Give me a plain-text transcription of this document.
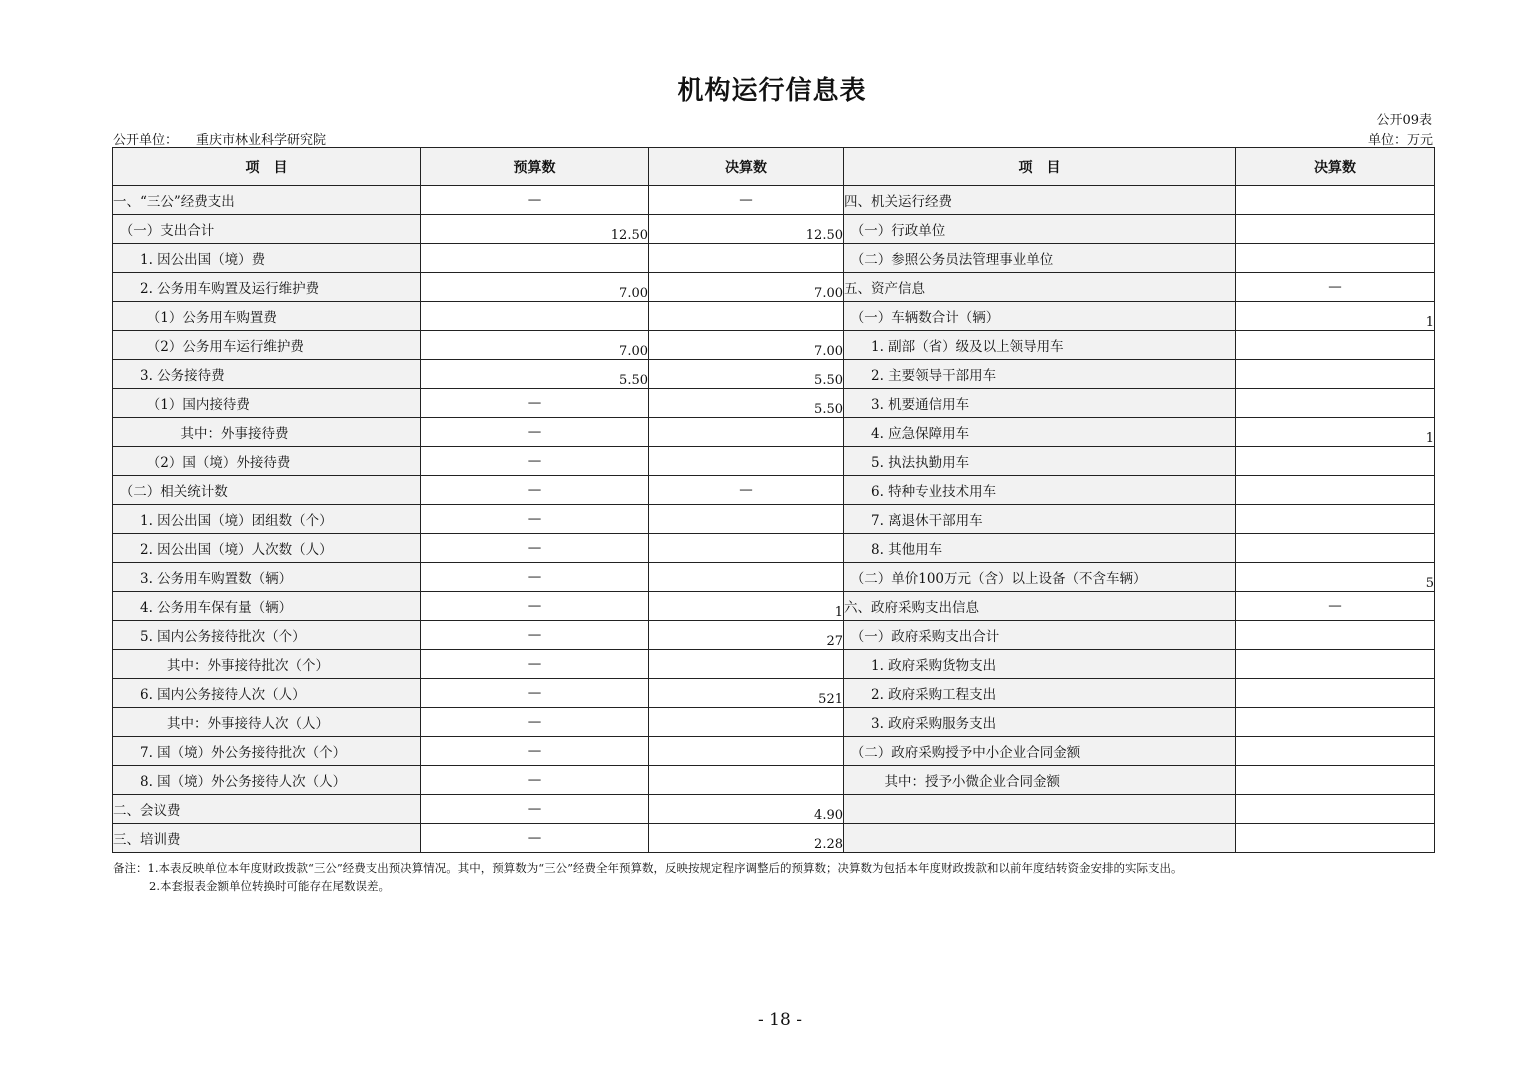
机构运行信息表
公开09表
公开单位： 重庆市林业科学研究院	单位：万元
项　目	预算数	决算数	项　目	决算数
一、“三公”经费支出	—	—	四、机关运行经费	
　（一）支出合计	12.50	12.50	　（一）行政单位	
　　1. 因公出国（境）费			　（二）参照公务员法管理事业单位	
　　2. 公务用车购置及运行维护费	7.00	7.00	五、资产信息	—
　　　（1）公务用车购置费			　（一）车辆数合计（辆）	1
　　　（2）公务用车运行维护费	7.00	7.00	　　1. 副部（省）级及以上领导用车	
　　3. 公务接待费	5.50	5.50	　　2. 主要领导干部用车	
　　　（1）国内接待费	—	5.50	　　3. 机要通信用车	
　　　　　其中：外事接待费	—		　　4. 应急保障用车	1
　　　（2）国（境）外接待费	—		　　5. 执法执勤用车	
　（二）相关统计数	—	—	　　6. 特种专业技术用车	
　　1. 因公出国（境）团组数（个）	—		　　7. 离退休干部用车	
　　2. 因公出国（境）人次数（人）	—		　　8. 其他用车	
　　3. 公务用车购置数（辆）	—		　（二）单价100万元（含）以上设备（不含车辆）	5
　　4. 公务用车保有量（辆）	—	1	六、政府采购支出信息	—
　　5. 国内公务接待批次（个）	—	27	　（一）政府采购支出合计	
　　　　其中：外事接待批次（个）	—		　　1. 政府采购货物支出	
　　6. 国内公务接待人次（人）	—	521	　　2. 政府采购工程支出	
　　　　其中：外事接待人次（人）	—		　　3. 政府采购服务支出	
　　7. 国（境）外公务接待批次（个）	—		　（二）政府采购授予中小企业合同金额	
　　8. 国（境）外公务接待人次（人）	—		　　　其中：授予小微企业合同金额	
二、会议费	—	4.90		
三、培训费	—	2.28		
备注：1.本表反映单位本年度财政拨款“三公”经费支出预决算情况。其中，预算数为“三公”经费全年预算数，反映按规定程序调整后的预算数；决算数为包括本年度财政拨款和以前年度结转资金安排的实际支出。
2.本套报表金额单位转换时可能存在尾数误差。
- 18 -
